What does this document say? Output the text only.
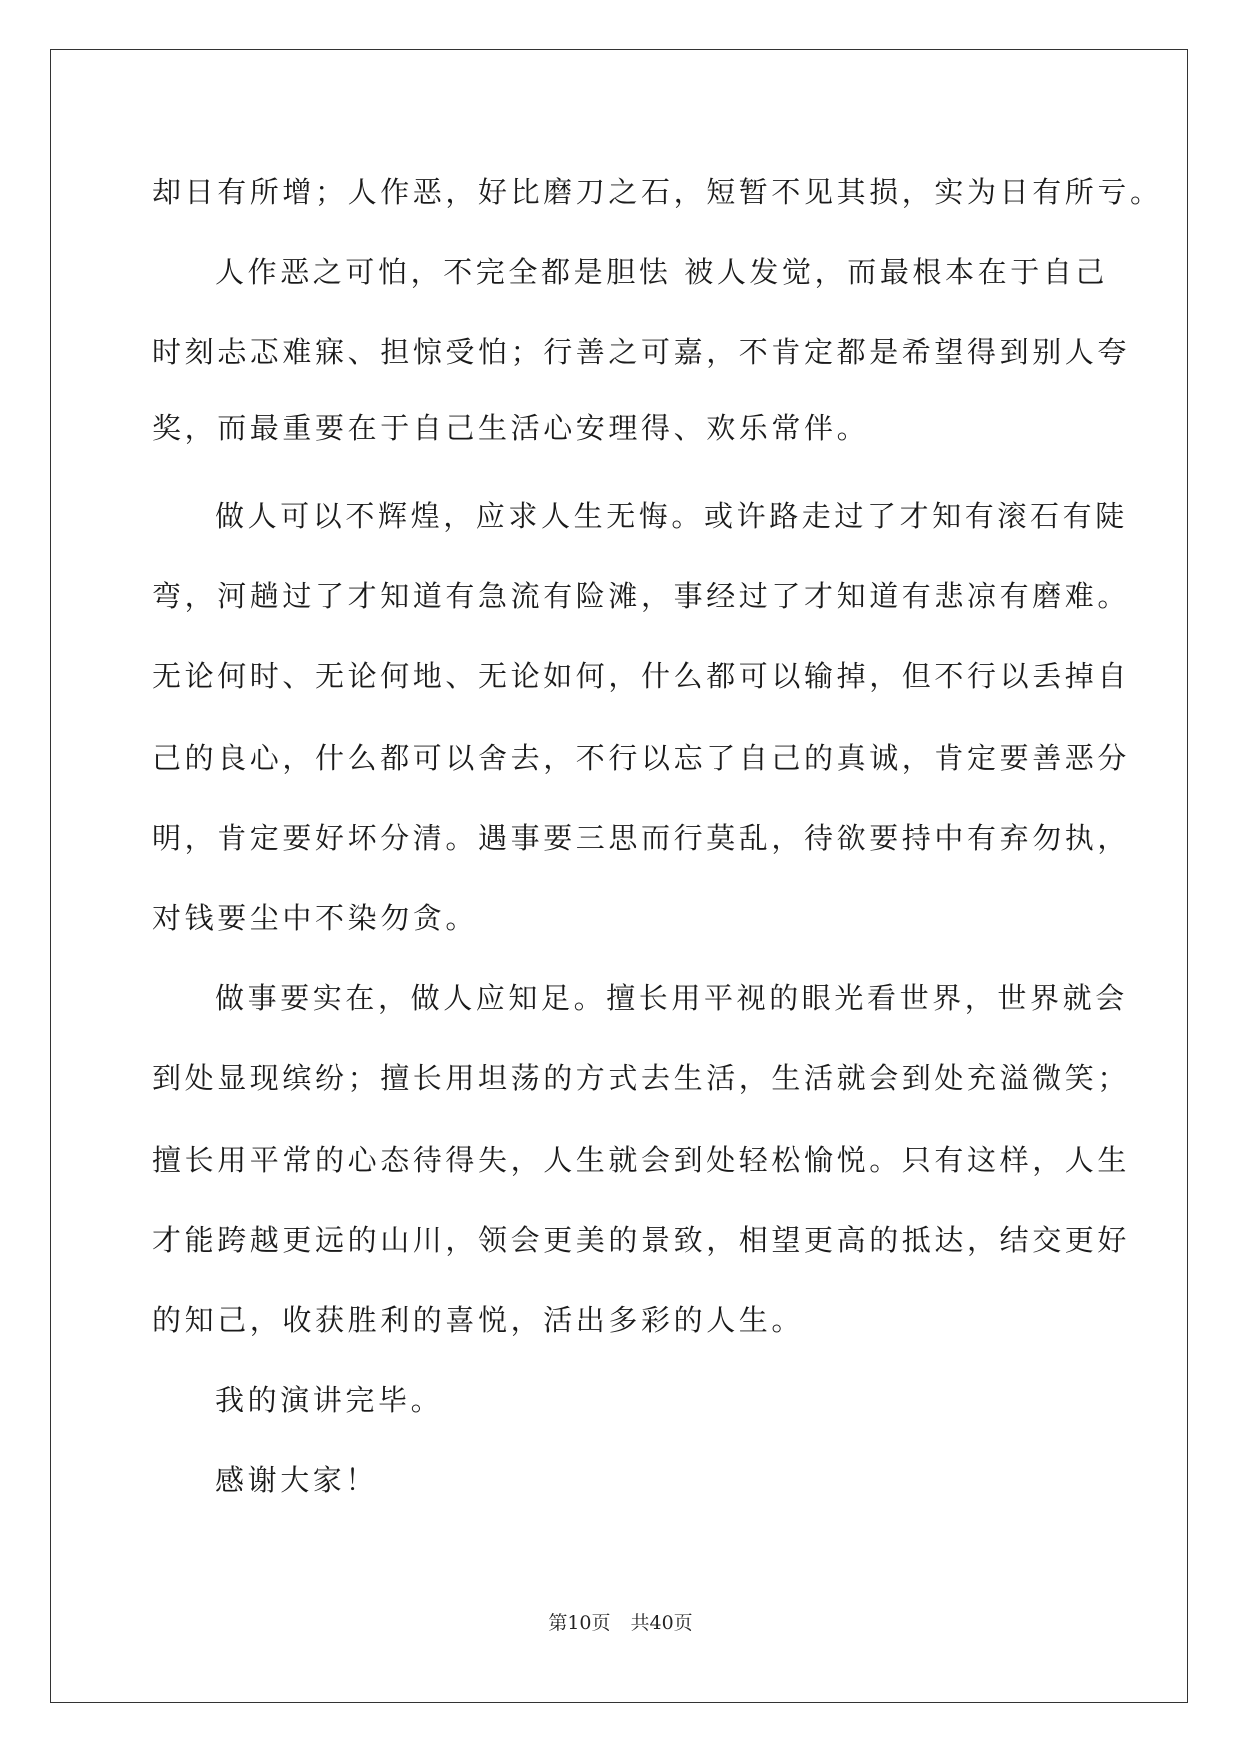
却日有所增；人作恶，好比磨刀之石，短暂不见其损，实为日有所亏。
人作恶之可怕，不完全都是胆怯 被人发觉，而最根本在于自己
时刻忐忑难寐、担惊受怕；行善之可嘉，不肯定都是希望得到别人夸
奖，而最重要在于自己生活心安理得、欢乐常伴。
做人可以不辉煌，应求人生无悔。或许路走过了才知有滚石有陡
弯，河趟过了才知道有急流有险滩，事经过了才知道有悲凉有磨难。
无论何时、无论何地、无论如何，什么都可以输掉，但不行以丢掉自
己的良心，什么都可以舍去，不行以忘了自己的真诚，肯定要善恶分
明，肯定要好坏分清。遇事要三思而行莫乱，待欲要持中有弃勿执，
对钱要尘中不染勿贪。
做事要实在，做人应知足。擅长用平视的眼光看世界，世界就会
到处显现缤纷；擅长用坦荡的方式去生活，生活就会到处充溢微笑；
擅长用平常的心态待得失，人生就会到处轻松愉悦。只有这样，人生
才能跨越更远的山川，领会更美的景致，相望更高的抵达，结交更好
的知己，收获胜利的喜悦，活出多彩的人生。
我的演讲完毕。
感谢大家！
第10页 共40页
